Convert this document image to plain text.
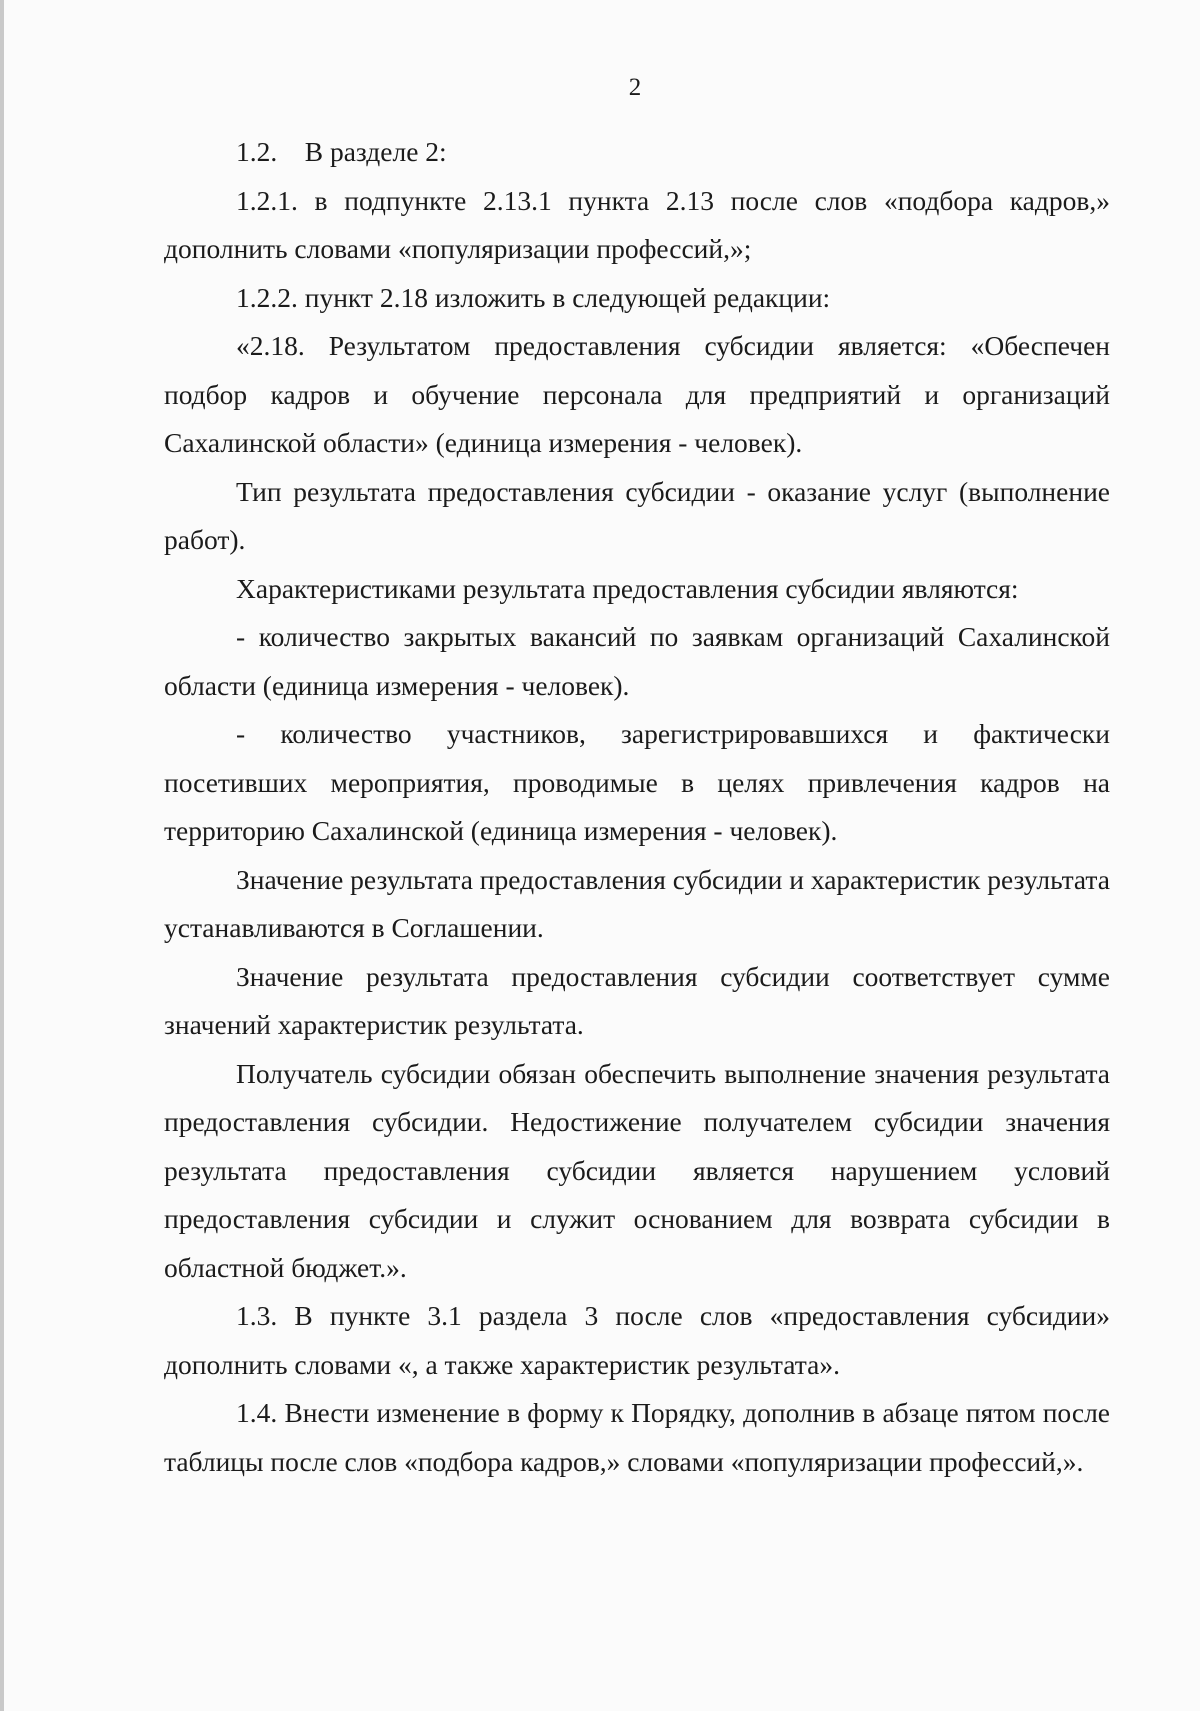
2

1.2.    В разделе 2:

1.2.1. в подпункте 2.13.1 пункта 2.13 после слов «подбора кадров,» дополнить словами «популяризации профессий,»;

1.2.2. пункт 2.18 изложить в следующей редакции:

«2.18. Результатом предоставления субсидии является: «Обеспечен подбор кадров и обучение персонала для предприятий и организаций Сахалинской области» (единица измерения - человек).

Тип результата предоставления субсидии - оказание услуг (выполнение работ).

Характеристиками результата предоставления субсидии являются:

- количество закрытых вакансий по заявкам организаций Сахалинской области (единица измерения - человек).

- количество участников, зарегистрировавшихся и фактически посетивших мероприятия, проводимые в целях привлечения кадров на территорию Сахалинской (единица измерения - человек).

Значение результата предоставления субсидии и характеристик результата устанавливаются в Соглашении.

Значение результата предоставления субсидии соответствует сумме значений характеристик результата.

Получатель субсидии обязан обеспечить выполнение значения результата предоставления субсидии. Недостижение получателем субсидии значения результата предоставления субсидии является нарушением условий предоставления субсидии и служит основанием для возврата субсидии в областной бюджет.».

1.3. В пункте 3.1 раздела 3 после слов «предоставления субсидии» дополнить словами «, а также характеристик результата».

1.4. Внести изменение в форму к Порядку, дополнив в абзаце пятом после таблицы после слов «подбора кадров,» словами «популяризации профессий,».
